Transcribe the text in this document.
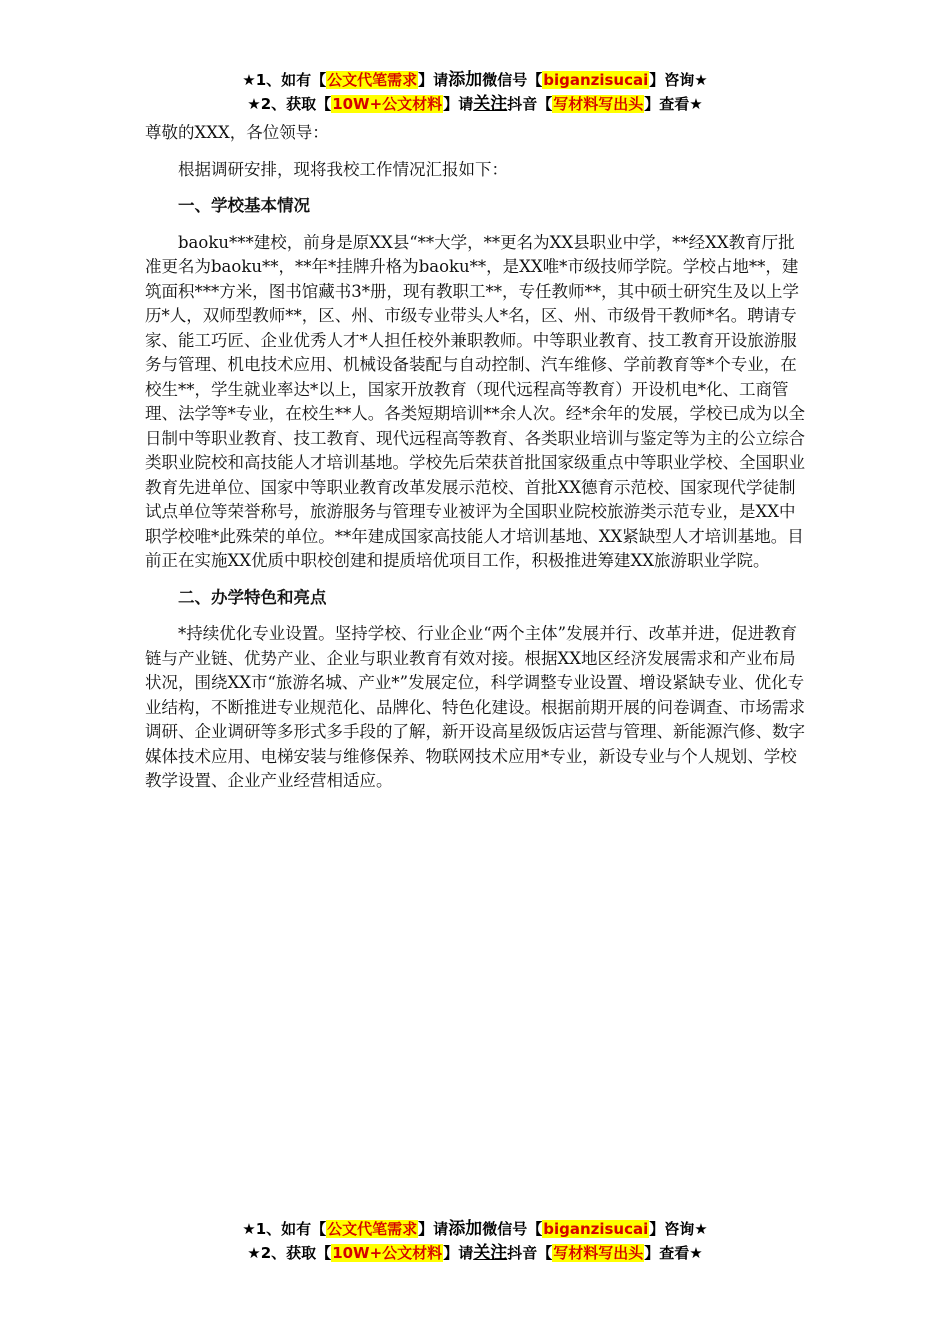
★1、如有【公文代笔需求】请添加微信号【biganzisucai】咨询★
★2、获取【10W+公文材料】请关注抖音【写材料写出头】查看★

尊敬的XXX，各位领导：

根据调研安排，现将我校工作情况汇报如下：

一、学校基本情况

baoku***建校，前身是原XX县“**大学，**更名为XX县职业中学，**经XX教育厅批准更名为baoku**，**年*挂牌升格为baoku**，是XX唯*市级技师学院。学校占地**，建筑面积***方米，图书馆藏书3*册，现有教职工**，专任教师**，其中硕士研究生及以上学历*人，双师型教师**，区、州、市级专业带头人*名，区、州、市级骨干教师*名。聘请专家、能工巧匠、企业优秀人才*人担任校外兼职教师。中等职业教育、技工教育开设旅游服务与管理、机电技术应用、机械设备装配与自动控制、汽车维修、学前教育等*个专业，在校生**，学生就业率达*以上，国家开放教育（现代远程高等教育）开设机电*化、工商管理、法学等*专业，在校生**人。各类短期培训**余人次。经*余年的发展，学校已成为以全日制中等职业教育、技工教育、现代远程高等教育、各类职业培训与鉴定等为主的公立综合类职业院校和高技能人才培训基地。学校先后荣获首批国家级重点中等职业学校、全国职业教育先进单位、国家中等职业教育改革发展示范校、首批XX德育示范校、国家现代学徒制试点单位等荣誉称号，旅游服务与管理专业被评为全国职业院校旅游类示范专业，是XX中职学校唯*此殊荣的单位。**年建成国家高技能人才培训基地、XX紧缺型人才培训基地。目前正在实施XX优质中职校创建和提质培优项目工作，积极推进筹建XX旅游职业学院。

二、办学特色和亮点

*持续优化专业设置。坚持学校、行业企业“两个主体”发展并行、改革并进，促进教育链与产业链、优势产业、企业与职业教育有效对接。根据XX地区经济发展需求和产业布局状况，围绕XX市“旅游名城、产业*”发展定位，科学调整专业设置、增设紧缺专业、优化专业结构，不断推进专业规范化、品牌化、特色化建设。根据前期开展的问卷调查、市场需求调研、企业调研等多形式多手段的了解，新开设高星级饭店运营与管理、新能源汽修、数字媒体技术应用、电梯安装与维修保养、物联网技术应用*专业，新设专业与个人规划、学校教学设置、企业产业经营相适应。

★1、如有【公文代笔需求】请添加微信号【biganzisucai】咨询★
★2、获取【10W+公文材料】请关注抖音【写材料写出头】查看★
